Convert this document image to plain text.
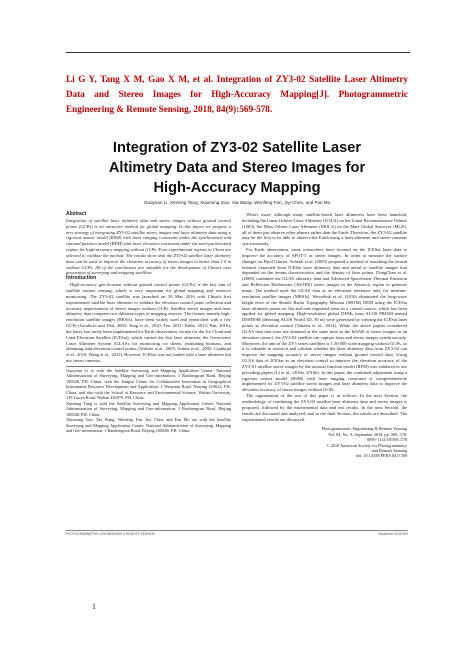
Li G Y, Tang X M, Gao X M, et al. Integration of ZY3-02 Satellite Laser Altimetry Data and Stereo Images for High-Accuracy Mapping[J]. Photogrammetric Engineering & Remote Sensing, 2018, 84(9):569-578.
Integration of ZY3-02 Satellite Laser
Altimetry Data and Stereo Images for
High-Accuracy Mapping
Guoyuan Li, Xinming Tang, Xiaoming Gao, Xia Wang, Wenfeng Fan, Jiyi Chen, and Fan Mo

Abstract

Integration of satellite laser altimetry data and stereo images without ground control points (GCPs) is an attractive method for global mapping. In this paper, we propose a new strategy of integrating ZY3-02 satellite stereo images and laser altimetry data using a rigorous sensor model (RSM) with laser ranging constraint under the synchronized and rational function model (RFM) with laser elevation constraint under the non-synchronized regime for high-accuracy mapping without GCPs. Four experimental regions in China are selected to validate the method. The results show that the ZY3-02 satellite laser altimetry data can be used to improve the elevation accuracy of stereo images to better than 1.0 m without GCPs. All of the conclusions are valuable for the development of China's next generation of surveying and mapping satellites.

Introduction

High-accuracy geo-location without ground control points (GCPs) is the key aim of satellite remote sensing, which is very important for global mapping and resource monitoring. The ZY3-02 satellite was launched on 30 May 2016 with China's first experimental satellite laser altimeter to validate the elevation control point collection and accuracy improvement of stereo images without GCPs. Satellite stereo images and laser altimetry data comprise two different types of mapping sources. The former, namely high-resolution satellite images (HRSIs), have been widely used and researched with a few GCPs (Grodecki and Dial, 2003; Tong et al., 2010; Teo, 2011; Pablo, 2013; Pan, 2016); the latter, has rarely been implemented for Earth observation, except for the Ice Cloud and Land Elevation Satellite (ICESat), which carried the first laser altimeter, the Geoscience Laser Altimeter System (GLAS), for monitoring ice sheets, estimating biomass, and obtaining land elevation control points (Abshire et al., 2005; Schutz et al., 2005; Carabajal et al., 2010; Wang et al., 2011). However, ICESat was not loaded with a laser altimeter but not stereo cameras.

Guoyuan Li is with the Satellite Surveying and Mapping Application Center, National Administration of Surveying, Mapping and Geo-information, 1 Baishengcun Road, Beijing 100048, P.R. China, with the Jiangsu Center for Collaborative Innovation in Geographical Information Resource Development and Application, 1 Wenyuan Road, Nanjing 210023, P.R. China, and also with the School of Resource and Environmental Science, Wuhan University, 129 Luoyu Road, Wuhan 430079, P.R. China.

Xinming Tang is with the Satellite Surveying and Mapping Application Center, National Administration of Surveying, Mapping and Geo-information, 1 Baishengcun Road, Beijing 100048, P.R. China.

Xiaoming Gao, Xia Wang, Wenfeng Fan, Jiyi Chen, and Fan Mo are with the Satellite Surveying and Mapping Application Center, National Administration of Surveying, Mapping and Geo-information, 1 Baishengcun Road, Beijing 100048, P.R. China.

What's more, although many satellite-based laser altimeters have been launched, including the Lunar Orbiter Laser Altimeter (LOLA) on the Lunar Reconnaissance Orbiter (LRO), the Mars Orbiter Laser Altimeter (MOLA) on the Mars Global Surveyor (MGS), all of them just observe other planets rather than the Earth. Therefore, the ZY3-02 satellite may be the first to be able to observe the Earth using a laser altimeter and stereo cameras synchronously.

For Earth observation, some researchers have focused on the ICESat laser data to improve the accuracy of SPOT-5 or stereo images. In order to measure the surface changes on Byrd Glacier, Schenk et al. (2005) proposed a method of matching the terrain features extracted from ICESat laser altimetry data and aerial or satellite images that depended on the terrain characteristics and the density of laser points. DongChen et al. (2009) combined the GLAS altimetry data and Advanced Spaceborne Thermal Emission and Reflection Radiometer (ASTER) stereo images in the Antarctic region to generate maps. The method used the GLAS data as an elevation reference only for medium-resolution satellite images (MRSIs). Wesselink et al. (2016) eliminated the long-wave height error of the Shuttle Radar Topography Mission (SRTM) DEM using the ICESat laser altimeter points on flat and non-vegetated areas as a control source, which has been applied for global mapping. High-resolution global DEMs from ALOS PRISM named DEM30M (denoting ALOS World 3D, 30 m) were generated by viewing the ICESat laser points as elevation control (Takaku et al., 2014). While the above papers considered GLAS data that were not obtained at the same time as the InSAR or stereo images as an elevation control, the ZY3-02 satellite can capture laser and stereo images synchronously. Moreover, the aim of the ZY3 series satellites is 1:50 000 scale mapping without GCPs, so it is valuable to research and validate whether the laser altimetry data from ZY3-02 can improve the mapping accuracy of stereo images without ground control data. Using GLAS data of ICESat as an elevation control to improve the elevation accuracy of the ZY3-01 satellite stereo images by the rational function model (RFM) was validated in our preceding papers (Li et al., 2016a, 2016b). In this paper, the combined adjustment using a rigorous sensor model (RSM) with laser ranging constraint is comprehensively implemented for ZY3-02 satellite stereo images and laser altimetry data to improve the elevation accuracy of stereo images without GCPs.

The organization of the rest of this paper is as follows. In the next Section, the methodology of combining the ZY3-02 satellite laser altimetry data and stereo images is proposed, followed by the experimental data and test results. In the next Section, the results are discussed and analyzed, and in the final Section, the results are described. The experimental results are discussed.

Photogrammetric Engineering & Remote Sensing
Vol. 84, No. 9, September 2018, pp. 569–578.
0099-1112/18/569–578
© 2018 American Society for Photogrammetry
and Remote Sensing
doi: 10.14358/PERS.84.9.569
PHOTOGRAMMETRIC ENGINEERING & REMOTE SENSING	September 2018 569
1
